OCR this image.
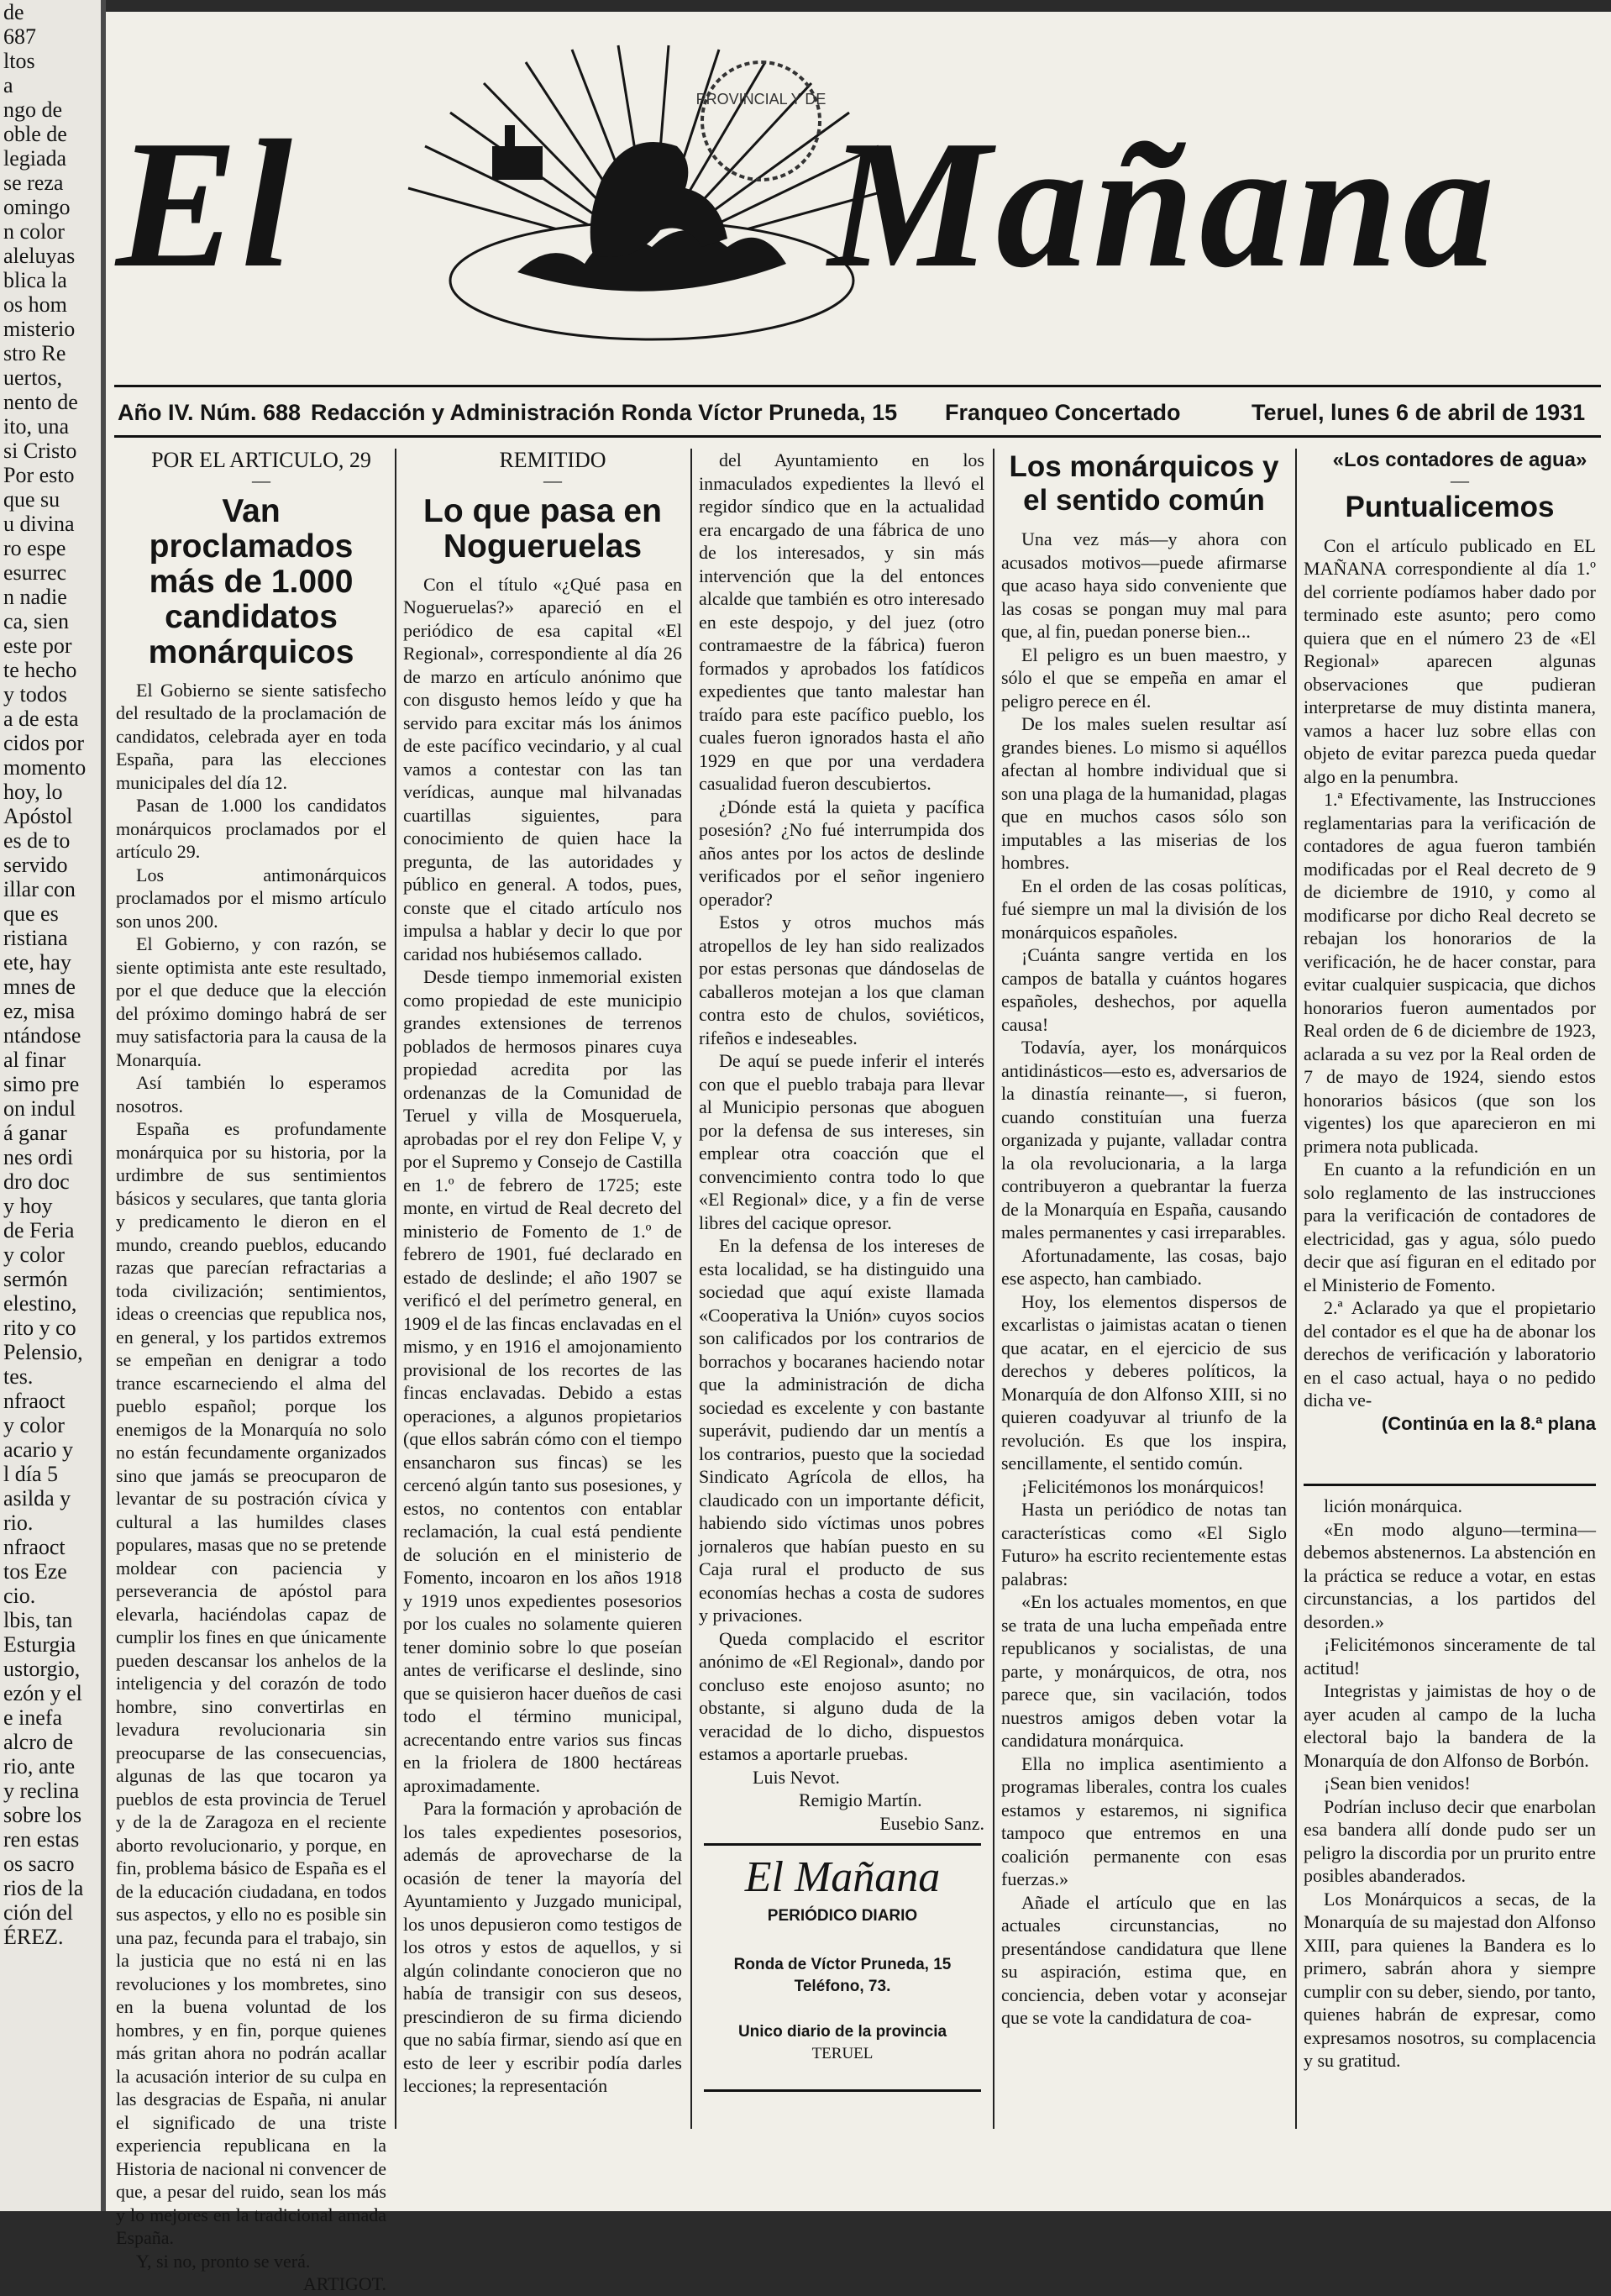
de
687
ltos
a
ngo de
oble de
legiada
se reza
omingo
n color
aleluyas
blica la
os hom
misterio
stro Re
uertos,
nento de
ito, una
si Cristo
Por esto
que su
u divina
ro espe
esurrec
n nadie
ca, sien
este por
te hecho
y todos
a de esta
cidos por
momento
hoy, lo
Apóstol
es de to
servido
illar con
que es
ristiana
ete, hay
mnes de
ez, misa
ntándose
al finar
simo pre
on indul
á ganar
nes ordi
dro doc
y hoy
de Feria
y color
sermón
elestino,
rito y co
Pelensio,
tes.
nfraoct
y color
acario y
l día 5
asilda y
rio.
nfraoct
tos Eze
cio.
lbis, tan
Esturgia
ustorgio,
ezón y el
e inefa
alcro de
rio, ante
y reclina
sobre los
ren estas
os sacro
rios de la
ción del
ÉREZ.
PROVINCIAL Y DE
El	Mañana
Año IV. Núm. 688 Redacción y Administración Ronda Víctor Pruneda, 15 Franqueo Concertado	Teruel, lunes 6 de abril de 1931

POR EL ARTICULO, 29

—

Van proclamados más de 1.000 candidatos monárquicos

El Gobierno se siente satisfecho del resultado de la proclamación de candidatos, celebrada ayer en toda España, para las elecciones municipales del día 12.

Pasan de 1.000 los candidatos monárquicos proclamados por el artículo 29.

Los antimonárquicos proclamados por el mismo artículo son unos 200.

El Gobierno, y con razón, se siente optimista ante este resultado, por el que deduce que la elección del próximo domingo habrá de ser muy satisfactoria para la causa de la Monarquía.

Así también lo esperamos nosotros.

España es profundamente monárquica por su historia, por la urdimbre de sus sentimientos básicos y seculares, que tanta gloria y predicamento le dieron en el mundo, creando pueblos, educando razas que parecían refractarias a toda civilización; sentimientos, ideas o creencias que republica nos, en general, y los partidos extremos se empeñan en denigrar a todo trance escarneciendo el alma del pueblo español; porque los enemigos de la Monarquía no solo no están fecundamente organizados sino que jamás se preocuparon de levantar de su postración cívica y cultural a las humildes clases populares, masas que no se pretende moldear con paciencia y perseverancia de apóstol para elevarla, haciéndolas capaz de cumplir los fines en que únicamente pueden descansar los anhelos de la inteligencia y del corazón de todo hombre, sino convertirlas en levadura revolucionaria sin preocuparse de las consecuencias, algunas de las que tocaron ya pueblos de esta provincia de Teruel y de la de Zaragoza en el reciente aborto revolucionario, y porque, en fin, problema básico de España es el de la educación ciudadana, en todos sus aspectos, y ello no es posible sin una paz, fecunda para el trabajo, sin la justicia que no está ni en las revoluciones y los mombretes, sino en la buena voluntad de los hombres, y en fin, porque quienes más gritan ahora no podrán acallar la acusación interior de su culpa en las desgracias de España, ni anular el significado de una triste experiencia republicana en la Historia de nacional ni convencer de que, a pesar del ruido, sean los más y lo mejores en la tradicional amada España.

Y, si no, pronto se verá.

ARTIGOT.

REMITIDO

—

Lo que pasa en Nogueruelas

Con el título «¿Qué pasa en Nogueruelas?» apareció en el periódico de esa capital «El Regional», correspondiente al día 26 de marzo en artículo anónimo que con disgusto hemos leído y que ha servido para excitar más los ánimos de este pacífico vecindario, y al cual vamos a contestar con las tan verídicas, aunque mal hilvanadas cuartillas siguientes, para conocimiento de quien hace la pregunta, de las autoridades y público en general. A todos, pues, conste que el citado artículo nos impulsa a hablar y decir lo que por caridad nos hubiésemos callado.

Desde tiempo inmemorial existen como propiedad de este municipio grandes extensiones de terrenos poblados de hermosos pinares cuya propiedad acredita por las ordenanzas de la Comunidad de Teruel y villa de Mosqueruela, aprobadas por el rey don Felipe V, y por el Supremo y Consejo de Castilla en 1.º de febrero de 1725; este monte, en virtud de Real decreto del ministerio de Fomento de 1.º de febrero de 1901, fué declarado en estado de deslinde; el año 1907 se verificó el del perímetro general, en 1909 el de las fincas enclavadas en el mismo, y en 1916 el amojonamiento provisional de los recortes de las fincas enclavadas. Debido a estas operaciones, a algunos propietarios (que ellos sabrán cómo con el tiempo ensancharon sus fincas) se les cercenó algún tanto sus posesiones, y estos, no contentos con entablar reclamación, la cual está pendiente de solución en el ministerio de Fomento, incoaron en los años 1918 y 1919 unos expedientes posesorios por los cuales no solamente quieren tener dominio sobre lo que poseían antes de verificarse el deslinde, sino que se quisieron hacer dueños de casi todo el término municipal, acrecentando entre varios sus fincas en la friolera de 1800 hectáreas aproximadamente.

Para la formación y aprobación de los tales expedientes posesorios, además de aprovecharse de la ocasión de tener la mayoría del Ayuntamiento y Juzgado municipal, los unos depusieron como testigos de los otros y estos de aquellos, y si algún colindante conocieron que no había de transigir con sus deseos, prescindieron de su firma diciendo que no sabía firmar, siendo así que en esto de leer y escribir podía darles lecciones; la representación

del Ayuntamiento en los inmaculados expedientes la llevó el regidor síndico que en la actualidad era encargado de una fábrica de uno de los interesados, y sin más intervención que la del entonces alcalde que también es otro interesado en este despojo, y del juez (otro contramaestre de la fábrica) fueron formados y aprobados los fatídicos expedientes que tanto malestar han traído para este pacífico pueblo, los cuales fueron ignorados hasta el año 1929 en que por una verdadera casualidad fueron descubiertos.

¿Dónde está la quieta y pacífica posesión? ¿No fué interrumpida dos años antes por los actos de deslinde verificados por el señor ingeniero operador?

Estos y otros muchos más atropellos de ley han sido realizados por estas personas que dándoselas de caballeros motejan a los que claman contra esto de chulos, soviéticos, rifeños e indeseables.

De aquí se puede inferir el interés con que el pueblo trabaja para llevar al Municipio personas que aboguen por la defensa de sus intereses, sin emplear otra coacción que el convencimiento contra todo lo que «El Regional» dice, y a fin de verse libres del cacique opresor.

En la defensa de los intereses de esta localidad, se ha distinguido una sociedad que aquí existe llamada «Cooperativa la Unión» cuyos socios son calificados por los contrarios de borrachos y bocaranes haciendo notar que la administración de dicha sociedad es excelente y con bastante superávit, pudiendo dar un mentís a los contrarios, puesto que la sociedad Sindicato Agrícola de ellos, ha claudicado con un importante déficit, habiendo sido víctimas unos pobres jornaleros que habían puesto en su Caja rural el producto de sus economías hechas a costa de sudores y privaciones.

Queda complacido el escritor anónimo de «El Regional», dando por concluso este enojoso asunto; no obstante, si alguno duda de la veracidad de lo dicho, dispuestos estamos a aportarle pruebas.

Luis Nevot.

Remigio Martín.

Eusebio Sanz.

El Mañana
PERIÓDICO DIARIO
Ronda de Víctor Pruneda, 15
Teléfono, 73.
Unico diario de la provincia
TERUEL
Los monárquicos y el sentido común

Una vez más—y ahora con acusados motivos—puede afirmarse que acaso haya sido conveniente que las cosas se pongan muy mal para que, al fin, puedan ponerse bien...

El peligro es un buen maestro, y sólo el que se empeña en amar el peligro perece en él.

De los males suelen resultar así grandes bienes. Lo mismo si aquéllos afectan al hombre individual que si son una plaga de la humanidad, plagas que en muchos casos sólo son imputables a las miserias de los hombres.

En el orden de las cosas políticas, fué siempre un mal la división de los monárquicos españoles.

¡Cuánta sangre vertida en los campos de batalla y cuántos hogares españoles, deshechos, por aquella causa!

Todavía, ayer, los monárquicos antidinásticos—esto es, adversarios de la dinastía reinante—, si fueron, cuando constituían una fuerza organizada y pujante, valladar contra la ola revolucionaria, a la larga contribuyeron a quebrantar la fuerza de la Monarquía en España, causando males permanentes y casi irreparables.

Afortunadamente, las cosas, bajo ese aspecto, han cambiado.

Hoy, los elementos dispersos de excarlistas o jaimistas acatan o tienen que acatar, en el ejercicio de sus derechos y deberes políticos, la Monarquía de don Alfonso XIII, si no quieren coadyuvar al triunfo de la revolución. Es que los inspira, sencillamente, el sentido común.

¡Felicitémonos los monárquicos!

Hasta un periódico de notas tan características como «El Siglo Futuro» ha escrito recientemente estas palabras:

«En los actuales momentos, en que se trata de una lucha empeñada entre republicanos y socialistas, de una parte, y monárquicos, de otra, nos parece que, sin vacilación, todos nuestros amigos deben votar la candidatura monárquica.

Ella no implica asentimiento a programas liberales, contra los cuales estamos y estaremos, ni significa tampoco que entremos en una coalición permanente con esas fuerzas.»

Añade el artículo que en las actuales circunstancias, no presentándose candidatura que llene su aspiración, estima que, en conciencia, deben votar y aconsejar que se vote la candidatura de coa-

«Los contadores de agua»

—

Puntualicemos

Con el artículo publicado en EL MAÑANA correspondiente al día 1.º del corriente podíamos haber dado por terminado este asunto; pero como quiera que en el número 23 de «El Regional» aparecen algunas observaciones que pudieran interpretarse de muy distinta manera, vamos a hacer luz sobre ellas con objeto de evitar parezca pueda quedar algo en la penumbra.

1.ª Efectivamente, las Instrucciones reglamentarias para la verificación de contadores de agua fueron también modificadas por el Real decreto de 9 de diciembre de 1910, y como al modificarse por dicho Real decreto se rebajan los honorarios de la verificación, he de hacer constar, para evitar cualquier suspicacia, que dichos honorarios fueron aumentados por Real orden de 6 de diciembre de 1923, aclarada a su vez por la Real orden de 7 de mayo de 1924, siendo estos honorarios básicos (que son los vigentes) los que aparecieron en mi primera nota publicada.

En cuanto a la refundición en un solo reglamento de las instrucciones para la verificación de contadores de electricidad, gas y agua, sólo puedo decir que así figuran en el editado por el Ministerio de Fomento.

2.ª Aclarado ya que el propietario del contador es el que ha de abonar los derechos de verificación y laboratorio en el caso actual, haya o no pedido dicha ve-

(Continúa en la 8.ª plana

lición monárquica.

«En modo alguno—termina—debemos abstenernos. La abstención en la práctica se reduce a votar, en estas circunstancias, a los partidos del desorden.»

¡Felicitémonos sinceramente de tal actitud!

Integristas y jaimistas de hoy o de ayer acuden al campo de la lucha electoral bajo la bandera de la Monarquía de don Alfonso de Borbón.

¡Sean bien venidos!

Podrían incluso decir que enarbolan esa bandera allí donde pudo ser un peligro la discordia por un prurito entre posibles abanderados.

Los Monárquicos a secas, de la Monarquía de su majestad don Alfonso XIII, para quienes la Bandera es lo primero, sabrán ahora y siempre cumplir con su deber, siendo, por tanto, quienes habrán de expresar, como expresamos nosotros, su complacencia y su gratitud.
